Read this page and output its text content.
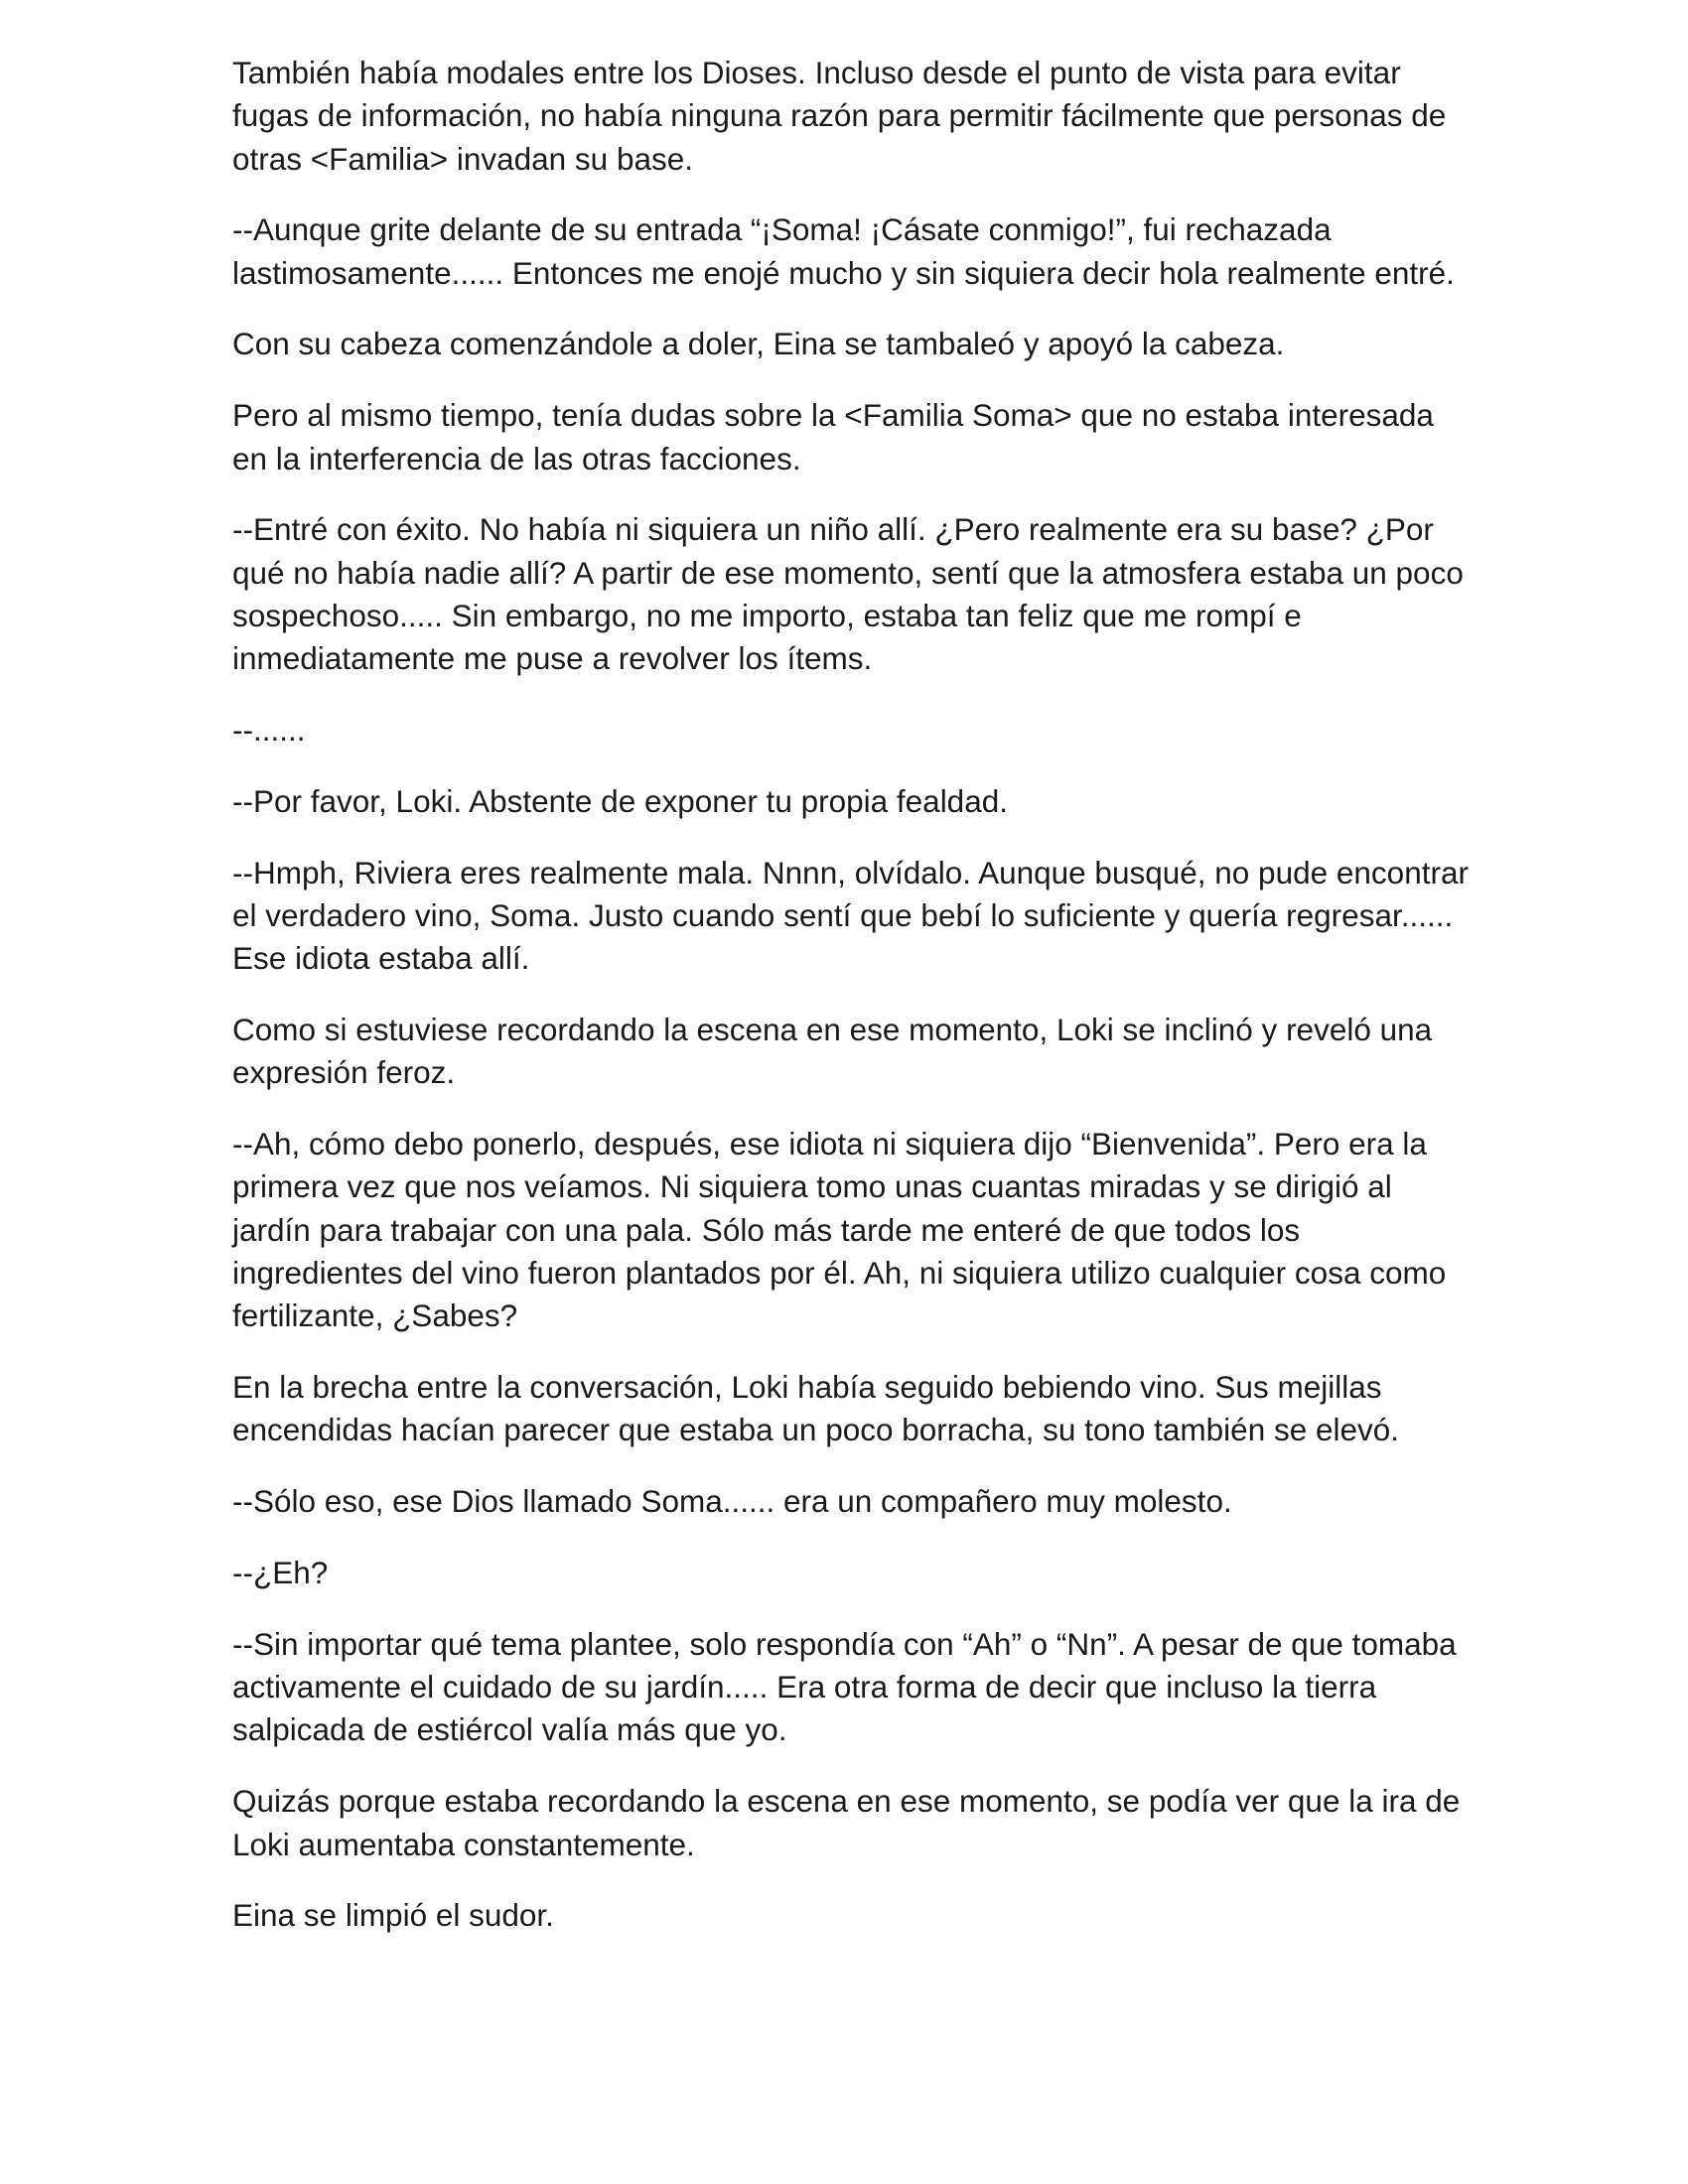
También había modales entre los Dioses. Incluso desde el punto de vista para evitar fugas de información, no había ninguna razón para permitir fácilmente que personas de otras <Familia> invadan su base.

--Aunque grite delante de su entrada “¡Soma! ¡Cásate conmigo!”, fui rechazada lastimosamente...... Entonces me enojé mucho y sin siquiera decir hola realmente entré.

Con su cabeza comenzándole a doler, Eina se tambaleó y apoyó la cabeza.

Pero al mismo tiempo, tenía dudas sobre la <Familia Soma> que no estaba interesada en la interferencia de las otras facciones.

--Entré con éxito. No había ni siquiera un niño allí. ¿Pero realmente era su base? ¿Por qué no había nadie allí? A partir de ese momento, sentí que la atmosfera estaba un poco sospechoso..... Sin embargo, no me importo, estaba tan feliz que me rompí e inmediatamente me puse a revolver los ítems.

--......

--Por favor, Loki. Abstente de exponer tu propia fealdad.

--Hmph, Riviera eres realmente mala. Nnnn, olvídalo. Aunque busqué, no pude encontrar el verdadero vino, Soma. Justo cuando sentí que bebí lo suficiente y quería regresar...... Ese idiota estaba allí.

Como si estuviese recordando la escena en ese momento, Loki se inclinó y reveló una expresión feroz.

--Ah, cómo debo ponerlo, después, ese idiota ni siquiera dijo “Bienvenida”. Pero era la primera vez que nos veíamos. Ni siquiera tomo unas cuantas miradas y se dirigió al jardín para trabajar con una pala. Sólo más tarde me enteré de que todos los ingredientes del vino fueron plantados por él. Ah, ni siquiera utilizo cualquier cosa como fertilizante, ¿Sabes?

En la brecha entre la conversación, Loki había seguido bebiendo vino. Sus mejillas encendidas hacían parecer que estaba un poco borracha, su tono también se elevó.

--Sólo eso, ese Dios llamado Soma...... era un compañero muy molesto.

--¿Eh?

--Sin importar qué tema plantee, solo respondía con “Ah” o “Nn”. A pesar de que tomaba activamente el cuidado de su jardín..... Era otra forma de decir que incluso la tierra salpicada de estiércol valía más que yo.

Quizás porque estaba recordando la escena en ese momento, se podía ver que la ira de Loki aumentaba constantemente.

Eina se limpió el sudor.
